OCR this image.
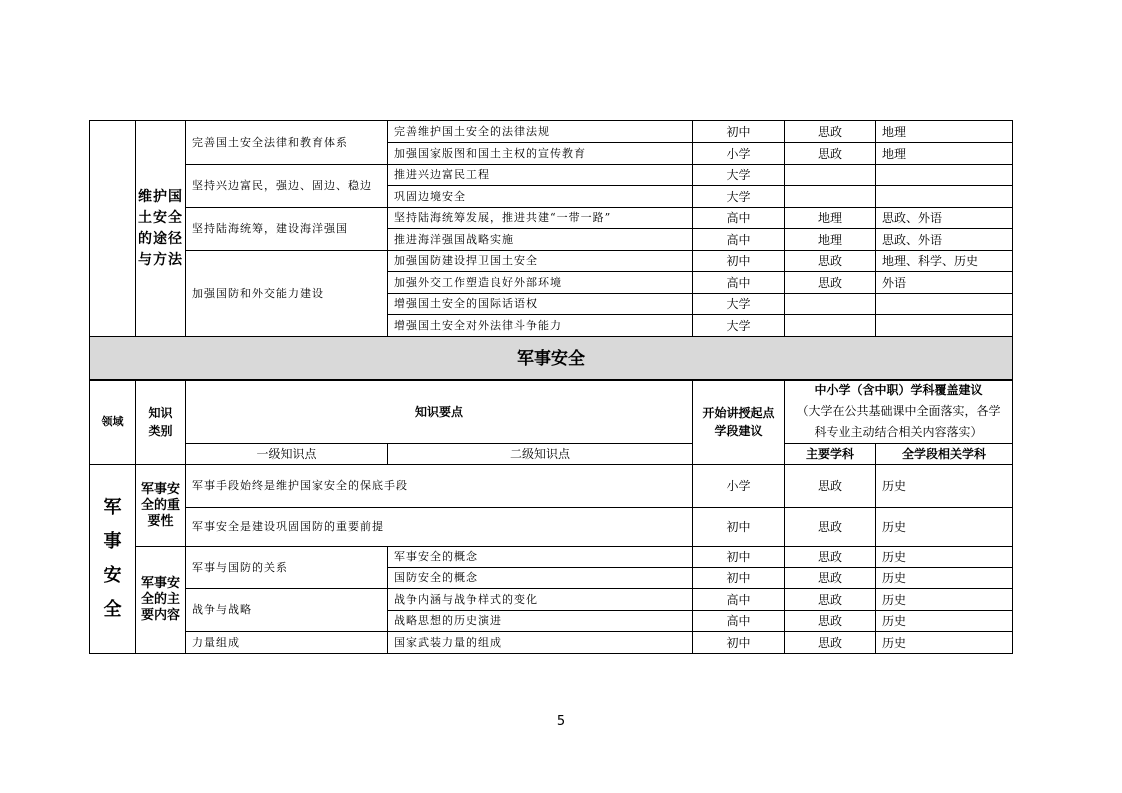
	维护国土安全的途径与方法	完善国土安全法律和教育体系	完善维护国土安全的法律法规	初中	思政	地理
			加强国家版图和国土主权的宣传教育	小学	思政	地理
		坚持兴边富民，强边、固边、稳边	推进兴边富民工程	大学		
			巩固边境安全	大学		
		坚持陆海统筹，建设海洋强国	坚持陆海统筹发展，推进共建“一带一路”	高中	地理	思政、外语
			推进海洋强国战略实施	高中	地理	思政、外语
		加强国防和外交能力建设	加强国防建设捍卫国土安全	初中	思政	地理、科学、历史
			加强外交工作塑造良好外部环境	高中	思政	外语
			增强国土安全的国际话语权	大学		
			增强国土安全对外法律斗争能力	大学		
军事安全						
领域	知识类别	知识要点		开始讲授起点学段建议	中小学（含中职）学科覆盖建议
（大学在公共基础课中全面落实，各学科专业主动结合相关内容落实）	

		一级知识点	二级知识点		主要学科	全学段相关学科
军事安全	军事安全的重要性	军事手段始终是维护国家安全的保底手段		小学	思政	历史
		军事安全是建设巩固国防的重要前提		初中	思政	历史
	军事安全的主要内容	军事与国防的关系	军事安全的概念	初中	思政	历史
			国防安全的概念	初中	思政	历史
		战争与战略	战争内涵与战争样式的变化	高中	思政	历史
			战略思想的历史演进	高中	思政	历史
		力量组成	国家武装力量的组成	初中	思政	历史
5
